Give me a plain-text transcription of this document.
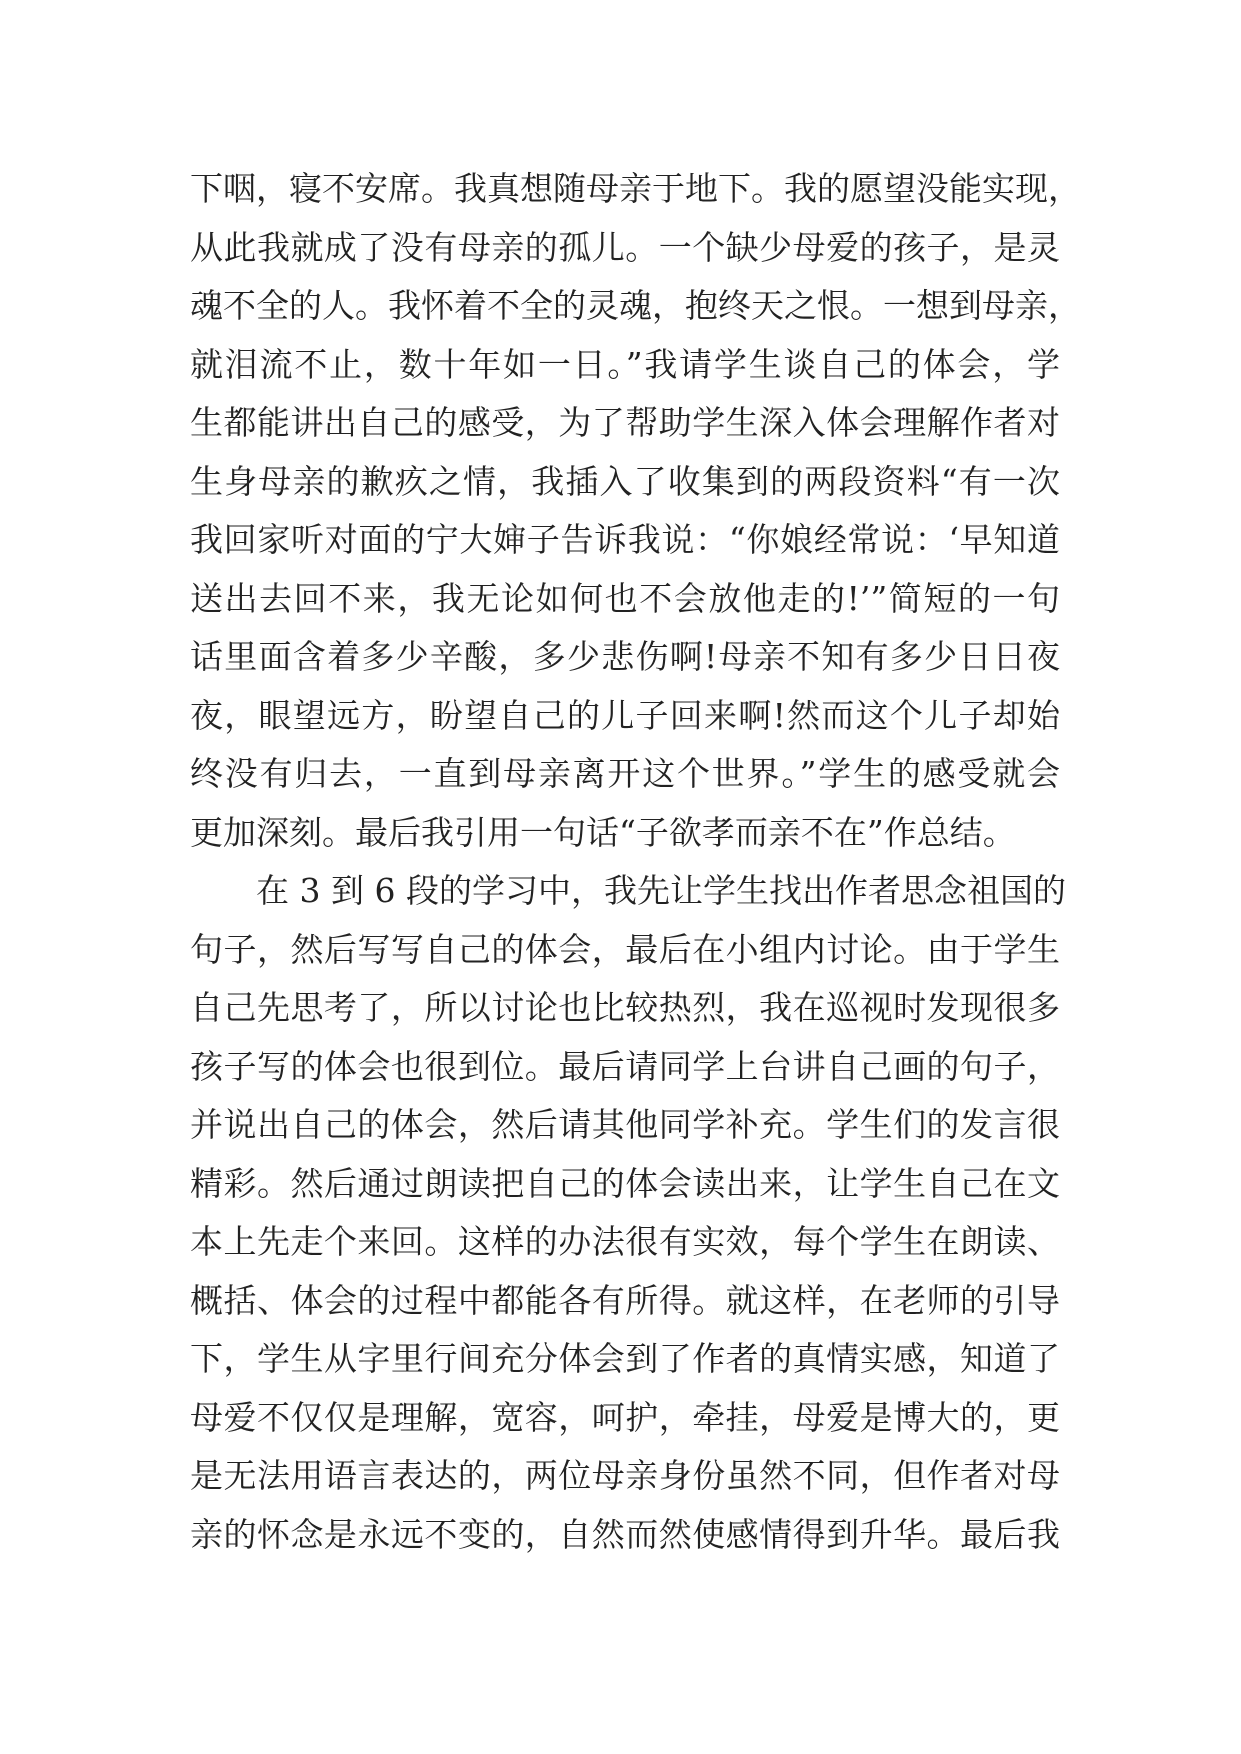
下咽，寝不安席。我真想随母亲于地下。我的愿望没能实现，
从此我就成了没有母亲的孤儿。一个缺少母爱的孩子，是灵
魂不全的人。我怀着不全的灵魂，抱终天之恨。一想到母亲，
就泪流不止，数十年如一日。”我请学生谈自己的体会，学
生都能讲出自己的感受，为了帮助学生深入体会理解作者对
生身母亲的歉疚之情，我插入了收集到的两段资料“有一次
我回家听对面的宁大婶子告诉我说：“你娘经常说：‘早知道
送出去回不来，我无论如何也不会放他走的!’”简短的一句
话里面含着多少辛酸，多少悲伤啊!母亲不知有多少日日夜
夜，眼望远方，盼望自己的儿子回来啊!然而这个儿子却始
终没有归去，一直到母亲离开这个世界。”学生的感受就会
更加深刻。最后我引用一句话“子欲孝而亲不在”作总结。
在 3 到 6 段的学习中，我先让学生找出作者思念祖国的
句子，然后写写自己的体会，最后在小组内讨论。由于学生
自己先思考了，所以讨论也比较热烈，我在巡视时发现很多
孩子写的体会也很到位。最后请同学上台讲自己画的句子，
并说出自己的体会，然后请其他同学补充。学生们的发言很
精彩。然后通过朗读把自己的体会读出来，让学生自己在文
本上先走个来回。这样的办法很有实效，每个学生在朗读、
概括、体会的过程中都能各有所得。就这样，在老师的引导
下，学生从字里行间充分体会到了作者的真情实感，知道了
母爱不仅仅是理解，宽容，呵护，牵挂，母爱是博大的，更
是无法用语言表达的，两位母亲身份虽然不同，但作者对母
亲的怀念是永远不变的，自然而然使感情得到升华。最后我
